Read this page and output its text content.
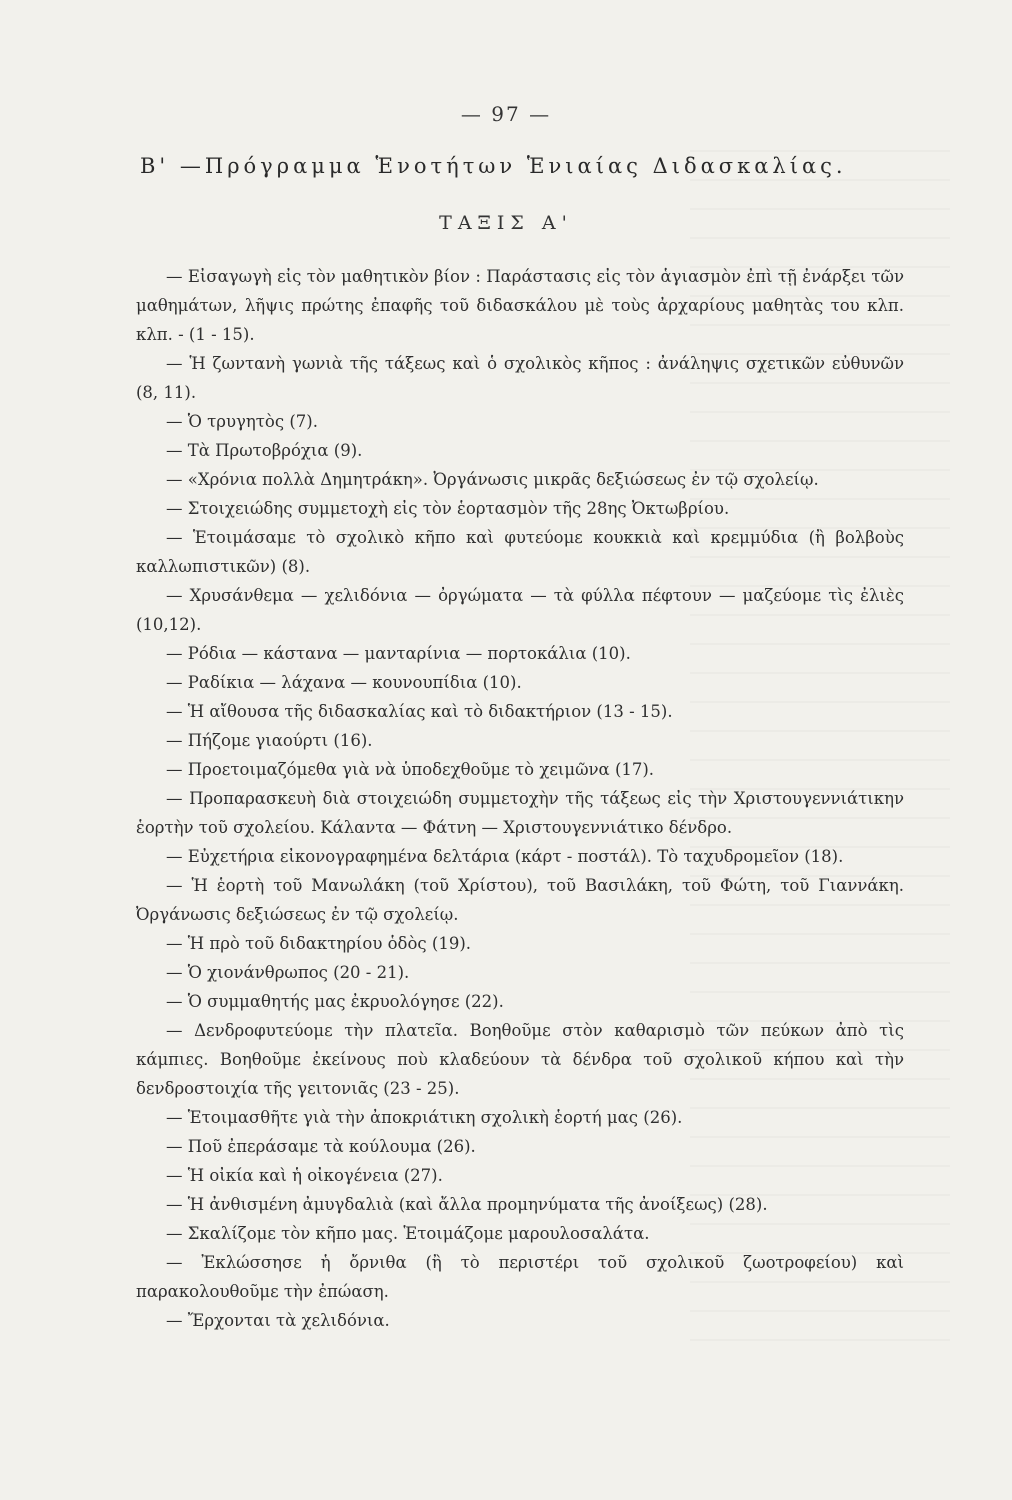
— 97 —
Β' —Πρόγραμμα Ἑνοτήτων Ἑνιαίας Διδασκαλίας.
ΤΑΞΙΣ Α'

— Εἰσαγωγὴ εἰς τὸν μαθητικὸν βίον : Παράστασις εἰς τὸν ἁγιασμὸν ἐπὶ τῇ ἐνάρξει τῶν μαθημάτων, λῆψις πρώτης ἐπαφῆς τοῦ διδασκάλου μὲ τοὺς ἀρχαρίους μαθητὰς του κλπ. κλπ. - (1 - 15).

— Ἡ ζωντανὴ γωνιὰ τῆς τάξεως καὶ ὁ σχολικὸς κῆπος : ἀνάληψις σχετικῶν εὐθυνῶν (8, 11).

— Ὁ τρυγητὸς (7).

— Τὰ Πρωτοβρόχια (9).

— «Χρόνια πολλὰ Δημητράκη». Ὀργάνωσις μικρᾶς δεξιώσεως ἐν τῷ σχολείῳ.

— Στοιχειώδης συμμετοχὴ εἰς τὸν ἑορτασμὸν τῆς 28ης Ὀκτωβρίου.

— Ἑτοιμάσαμε τὸ σχολικὸ κῆπο καὶ φυτεύομε κουκκιὰ καὶ κρεμμύδια (ἢ βολβοὺς καλλωπιστικῶν) (8).

— Χρυσάνθεμα — χελιδόνια — ὀργώματα — τὰ φύλλα πέφτουν — μαζεύομε τὶς ἐλιὲς (10,12).

— Ρόδια — κάστανα — μανταρίνια — πορτοκάλια (10).

— Ραδίκια — λάχανα — κουνουπίδια (10).

— Ἡ αἴθουσα τῆς διδασκαλίας καὶ τὸ διδακτήριον (13 - 15).

— Πήζομε γιαούρτι (16).

— Προετοιμαζόμεθα γιὰ νὰ ὑποδεχθοῦμε τὸ χειμῶνα (17).

— Προπαρασκευὴ διὰ στοιχειώδη συμμετοχὴν τῆς τάξεως εἰς τὴν Χριστουγεννιάτικην ἑορτὴν τοῦ σχολείου. Κάλαντα — Φάτνη — Χριστουγεννιάτικο δένδρο.

— Εὐχετήρια εἰκονογραφημένα δελτάρια (κάρτ - ποστάλ). Τὸ ταχυδρομεῖον (18).

— Ἡ ἑορτὴ τοῦ Μανωλάκη (τοῦ Χρίστου), τοῦ Βασιλάκη, τοῦ Φώτη, τοῦ Γιαννάκη. Ὀργάνωσις δεξιώσεως ἐν τῷ σχολείῳ.

— Ἡ πρὸ τοῦ διδακτηρίου ὁδὸς (19).

— Ὁ χιονάνθρωπος (20 - 21).

— Ὁ συμμαθητής μας ἐκρυολόγησε (22).

— Δενδροφυτεύομε τὴν πλατεῖα. Βοηθοῦμε στὸν καθαρισμὸ τῶν πεύκων ἀπὸ τὶς κάμπιες. Βοηθοῦμε ἐκείνους ποὺ κλαδεύουν τὰ δένδρα τοῦ σχολικοῦ κήπου καὶ τὴν δενδροστοιχία τῆς γειτονιᾶς (23 - 25).

— Ἑτοιμασθῆτε γιὰ τὴν ἀποκριάτικη σχολικὴ ἑορτή μας (26).

— Ποῦ ἐπεράσαμε τὰ κούλουμα (26).

— Ἡ οἰκία καὶ ἡ οἰκογένεια (27).

— Ἡ ἀνθισμένη ἀμυγδαλιὰ (καὶ ἄλλα προμηνύματα τῆς ἀνοίξεως) (28).

— Σκαλίζομε τὸν κῆπο μας. Ἑτοιμάζομε μαρουλοσαλάτα.

— Ἐκλώσσησε ἡ ὄρνιθα (ἢ τὸ περιστέρι τοῦ σχολικοῦ ζωοτροφείου) καὶ παρακολουθοῦμε τὴν ἐπώαση.

— Ἔρχονται τὰ χελιδόνια.
